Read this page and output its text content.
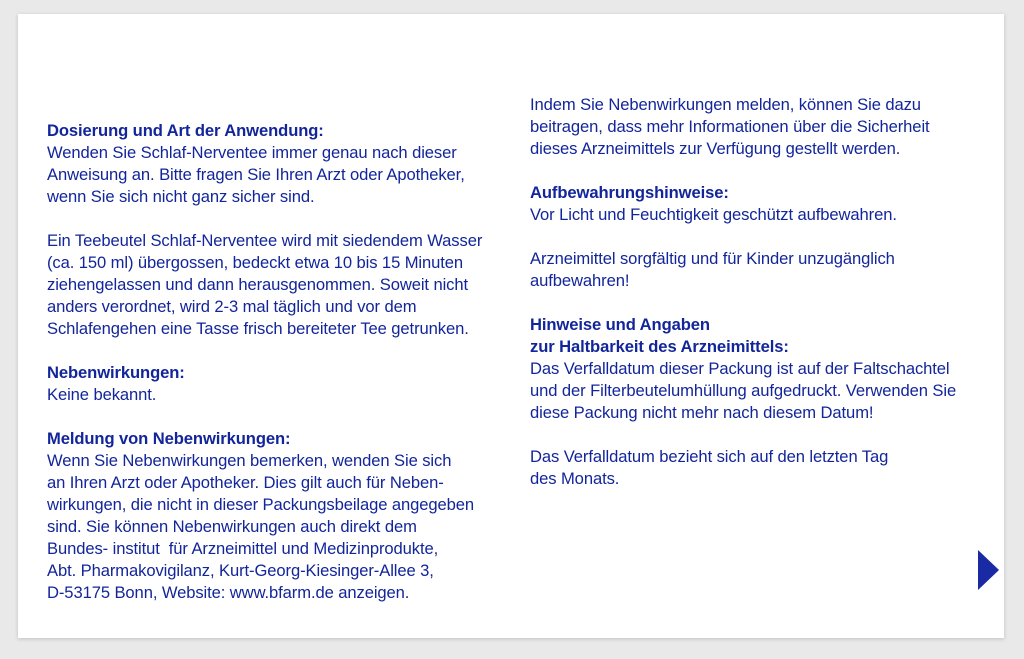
Dosierung und Art der Anwendung:
Wenden Sie Schlaf-Nerventee immer genau nach dieser
Anweisung an. Bitte fragen Sie Ihren Arzt oder Apotheker,
wenn Sie sich nicht ganz sicher sind.
Ein Teebeutel Schlaf-Nerventee wird mit siedendem Wasser
(ca. 150 ml) übergossen, bedeckt etwa 10 bis 15 Minuten
ziehengelassen und dann herausgenommen. Soweit nicht
anders verordnet, wird 2-3 mal täglich und vor dem
Schlafengehen eine Tasse frisch bereiteter Tee getrunken.
Nebenwirkungen:
Keine bekannt.
Meldung von Nebenwirkungen:
Wenn Sie Nebenwirkungen bemerken, wenden Sie sich
an Ihren Arzt oder Apotheker. Dies gilt auch für Neben-
wirkungen, die nicht in dieser Packungsbeilage angegeben
sind. Sie können Nebenwirkungen auch direkt dem
Bundes- institut  für Arzneimittel und Medizinprodukte,
Abt. Pharmakovigilanz, Kurt-Georg-Kiesinger-Allee 3,
D-53175 Bonn, Website: www.bfarm.de anzeigen.
Indem Sie Nebenwirkungen melden, können Sie dazu
beitragen, dass mehr Informationen über die Sicherheit
dieses Arzneimittels zur Verfügung gestellt werden.
Aufbewahrungshinweise:
Vor Licht und Feuchtigkeit geschützt aufbewahren.
Arzneimittel sorgfältig und für Kinder unzugänglich
aufbewahren!
Hinweise und Angaben
zur Haltbarkeit des Arzneimittels:
Das Verfalldatum dieser Packung ist auf der Faltschachtel
und der Filterbeutelumhüllung aufgedruckt. Verwenden Sie
diese Packung nicht mehr nach diesem Datum!
Das Verfalldatum bezieht sich auf den letzten Tag
des Monats.
